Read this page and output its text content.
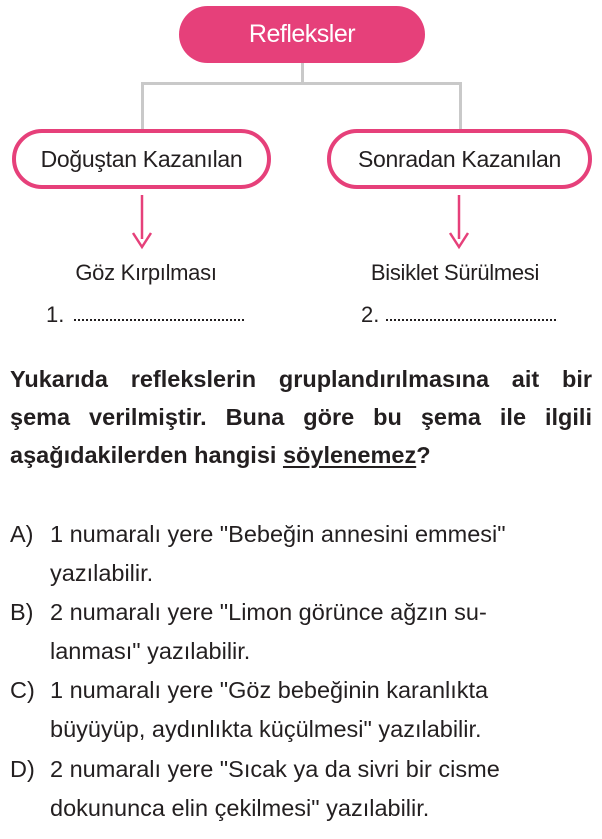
Refleksler
Doğuştan Kazanılan	Sonradan Kazanılan
Göz Kırpılması	Bisiklet Sürülmesi
1.	2.
Yukarıda reflekslerin gruplandırılmasına ait bir şema verilmiştir. Buna göre bu şema ile ilgili aşağıdakilerden hangisi söylenemez?
A) 1 numaralı yere "Bebeğin annesini emmesi"
yazılabilir.
B) 2 numaralı yere "Limon görünce ağzın su-
lanması" yazılabilir.
C) 1 numaralı yere "Göz bebeğinin karanlıkta
büyüyüp, aydınlıkta küçülmesi" yazılabilir.
D) 2 numaralı yere "Sıcak ya da sivri bir cisme
dokununca elin çekilmesi" yazılabilir.
